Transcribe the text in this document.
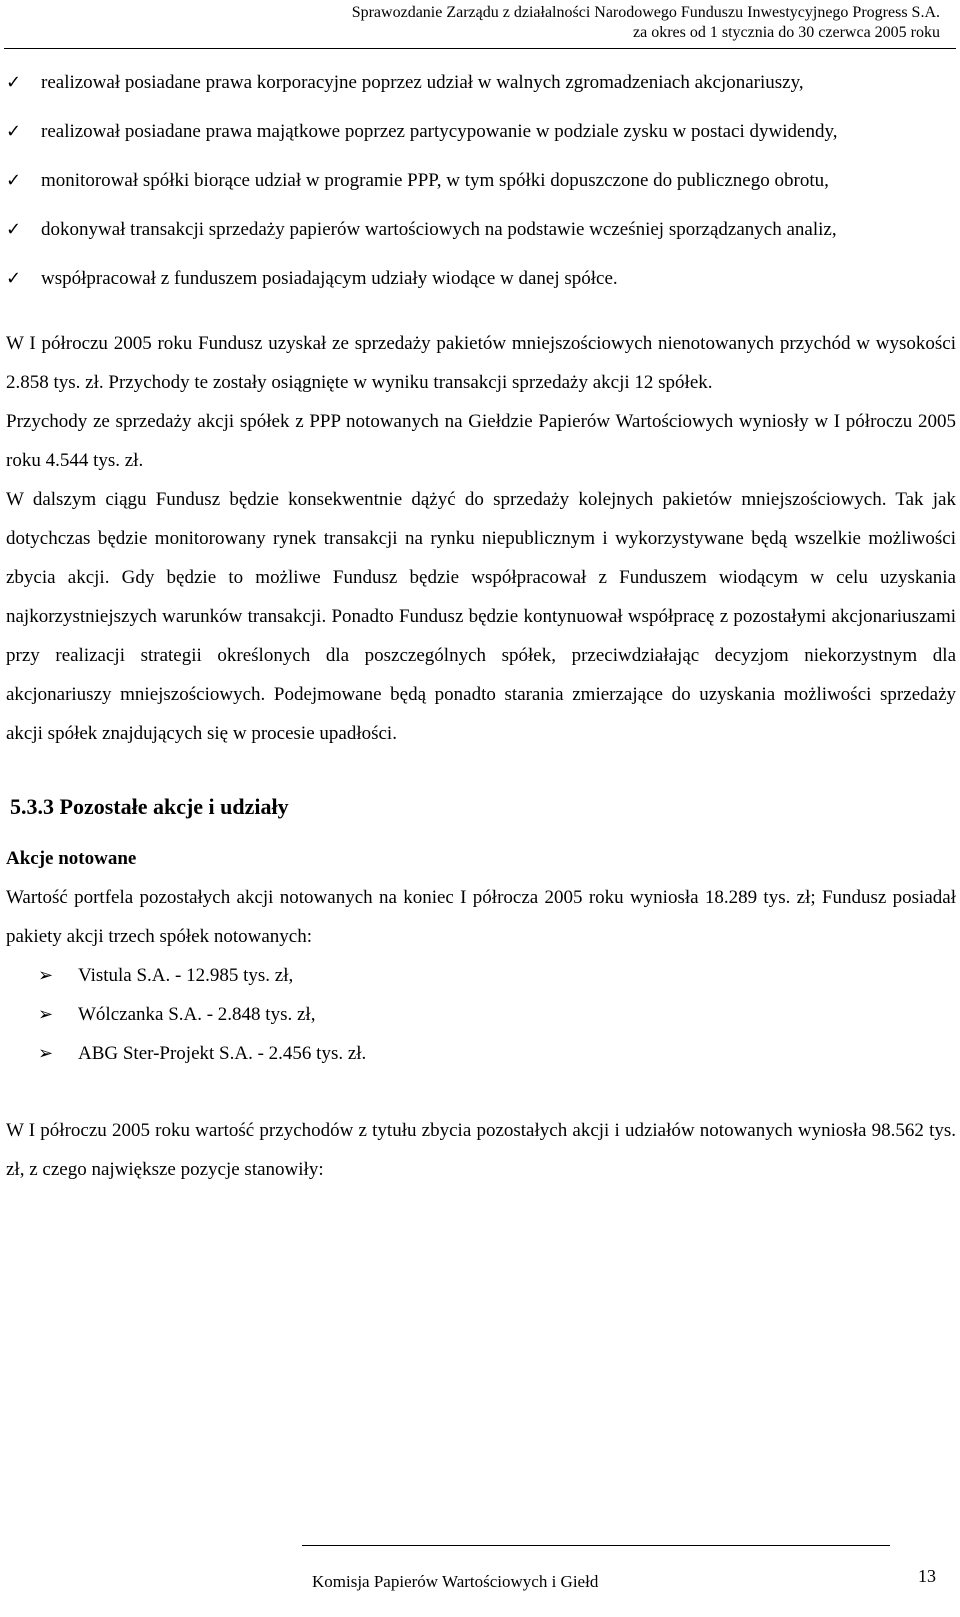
Sprawozdanie Zarządu z działalności Narodowego Funduszu Inwestycyjnego Progress S.A.
za okres od 1 stycznia do 30 czerwca 2005 roku
✓ realizował posiadane prawa korporacyjne poprzez udział w walnych zgromadzeniach akcjonariuszy,
✓ realizował posiadane prawa majątkowe poprzez partycypowanie w podziale zysku w postaci dywidendy,
✓ monitorował spółki biorące udział w programie PPP, w tym spółki dopuszczone do publicznego obrotu,
✓ dokonywał transakcji sprzedaży papierów wartościowych na podstawie wcześniej sporządzanych analiz,
✓ współpracował z funduszem posiadającym udziały wiodące w danej spółce.

W I półroczu 2005 roku Fundusz uzyskał ze sprzedaży pakietów mniejszościowych nienotowanych przychód w wysokości 2.858 tys. zł. Przychody te zostały osiągnięte w wyniku transakcji sprzedaży akcji 12 spółek.

Przychody ze sprzedaży akcji spółek z PPP notowanych na Giełdzie Papierów Wartościowych wyniosły w I półroczu 2005 roku 4.544 tys. zł.

W dalszym ciągu Fundusz będzie konsekwentnie dążyć do sprzedaży kolejnych pakietów mniejszościowych. Tak jak dotychczas będzie monitorowany rynek transakcji na rynku niepublicznym i wykorzystywane będą wszelkie możliwości zbycia akcji. Gdy będzie to możliwe Fundusz będzie współpracował z Funduszem wiodącym w celu uzyskania najkorzystniejszych warunków transakcji. Ponadto Fundusz będzie kontynuował współpracę z pozostałymi akcjonariuszami przy realizacji strategii określonych dla poszczególnych spółek, przeciwdziałając decyzjom niekorzystnym dla akcjonariuszy mniejszościowych. Podejmowane będą ponadto starania zmierzające do uzyskania możliwości sprzedaży akcji spółek znajdujących się w procesie upadłości.

5.3.3 Pozostałe akcje i udziały
Akcje notowane

Wartość portfela pozostałych akcji notowanych na koniec I półrocza 2005 roku wyniosła 18.289 tys. zł; Fundusz posiadał pakiety akcji trzech spółek notowanych:

➢ Vistula S.A. - 12.985 tys. zł,
➢ Wólczanka S.A. - 2.848 tys. zł,
➢ ABG Ster-Projekt S.A. - 2.456 tys. zł.

W I półroczu 2005 roku wartość przychodów z tytułu zbycia pozostałych akcji i udziałów notowanych wyniosła 98.562 tys. zł, z czego największe pozycje stanowiły:

Komisja Papierów Wartościowych i Giełd	13
